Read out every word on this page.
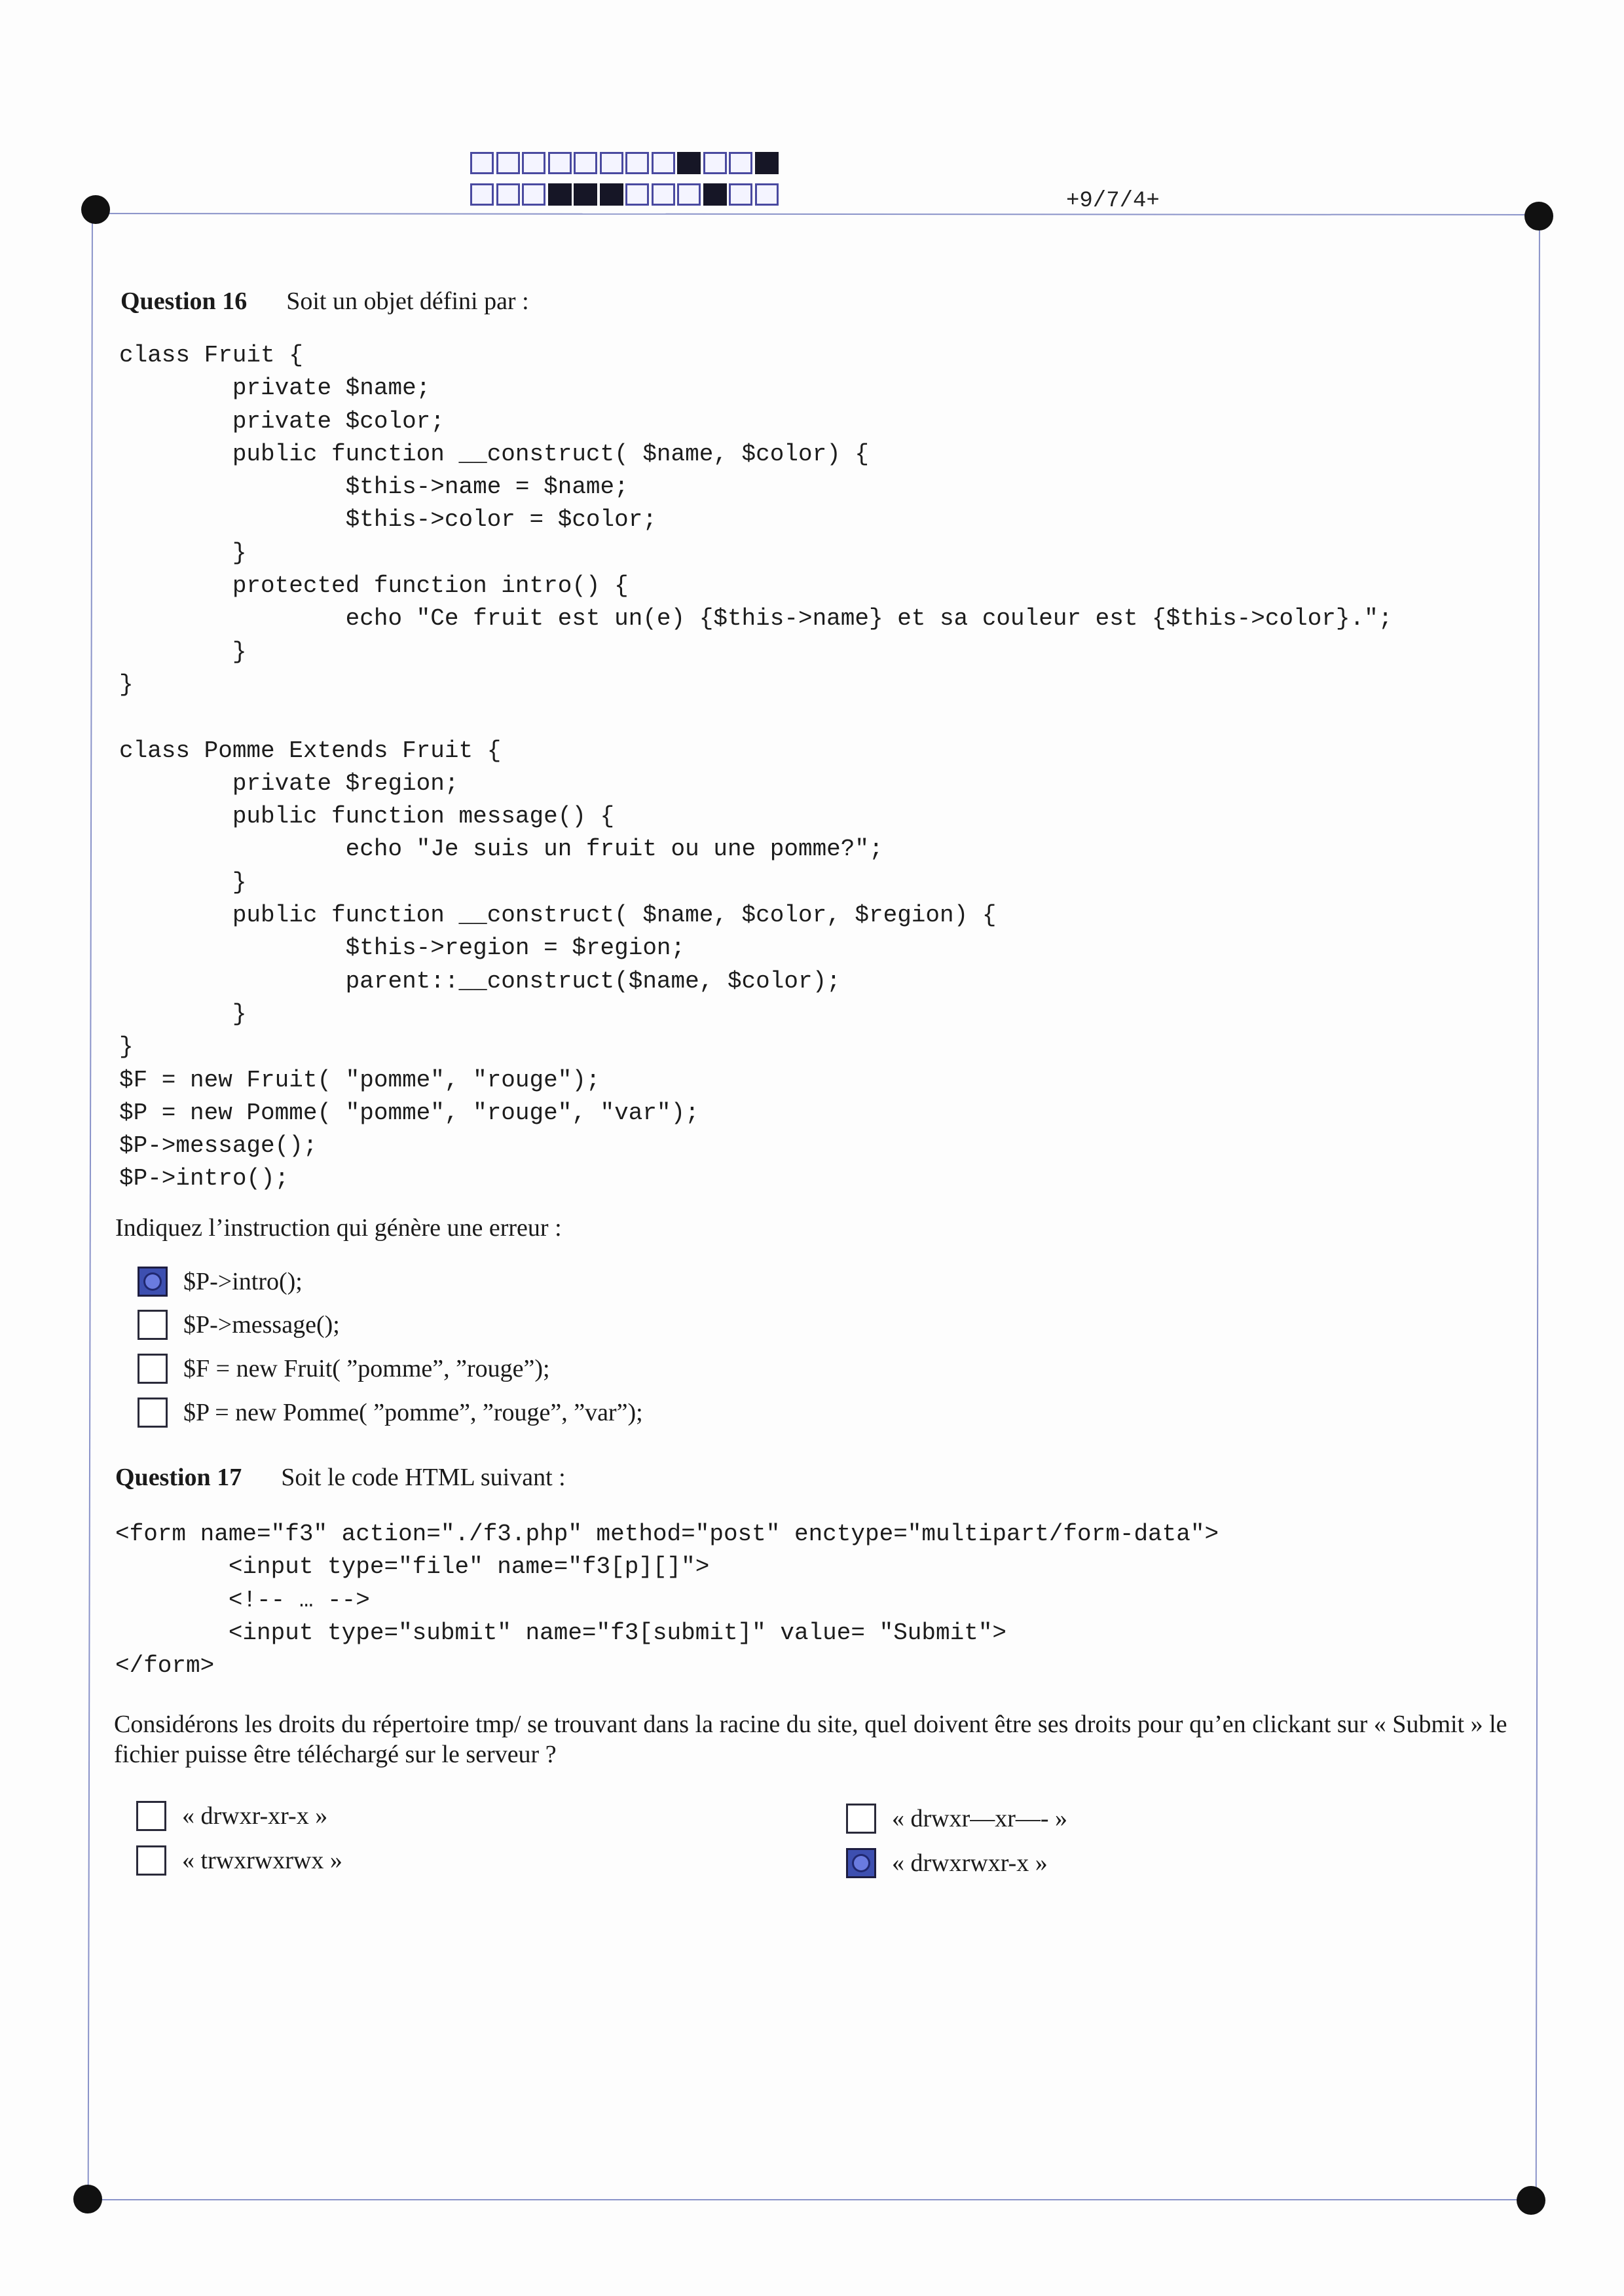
+9/7/4+
Question 16 Soit un objet défini par :
class Fruit {
private $name;
private $color;
public function __construct( $name, $color) {
$this->name = $name;
$this->color = $color;
}
protected function intro() {
echo "Ce fruit est un(e) {$this->name} et sa couleur est {$this->color}.";
}
}

class Pomme Extends Fruit {
private $region;
public function message() {
echo "Je suis un fruit ou une pomme?";
}
public function __construct( $name, $color, $region) {
$this->region = $region;
parent::__construct($name, $color);
}
}
$F = new Fruit( "pomme", "rouge");
$P = new Pomme( "pomme", "rouge", "var");
$P->message();
$P->intro();
Indiquez l’instruction qui génère une erreur :
$P->intro();
$P->message();
$F = new Fruit( ”pomme”, ”rouge”);
$P = new Pomme( ”pomme”, ”rouge”, ”var”);
Question 17 Soit le code HTML suivant :
<form name="f3" action="./f3.php" method="post" enctype="multipart/form-data">
<input type="file" name="f3[p][]">
<!-- … -->
<input type="submit" name="f3[submit]" value= "Submit">
</form>
Considérons les droits du répertoire tmp/ se trouvant dans la racine du site, quel doivent être ses droits pour qu’en clickant sur « Submit » le fichier puisse être téléchargé sur le serveur ?
« drwxr-xr-x »
« trwxrwxrwx »
« drwxr—xr—- »
« drwxrwxr-x »
